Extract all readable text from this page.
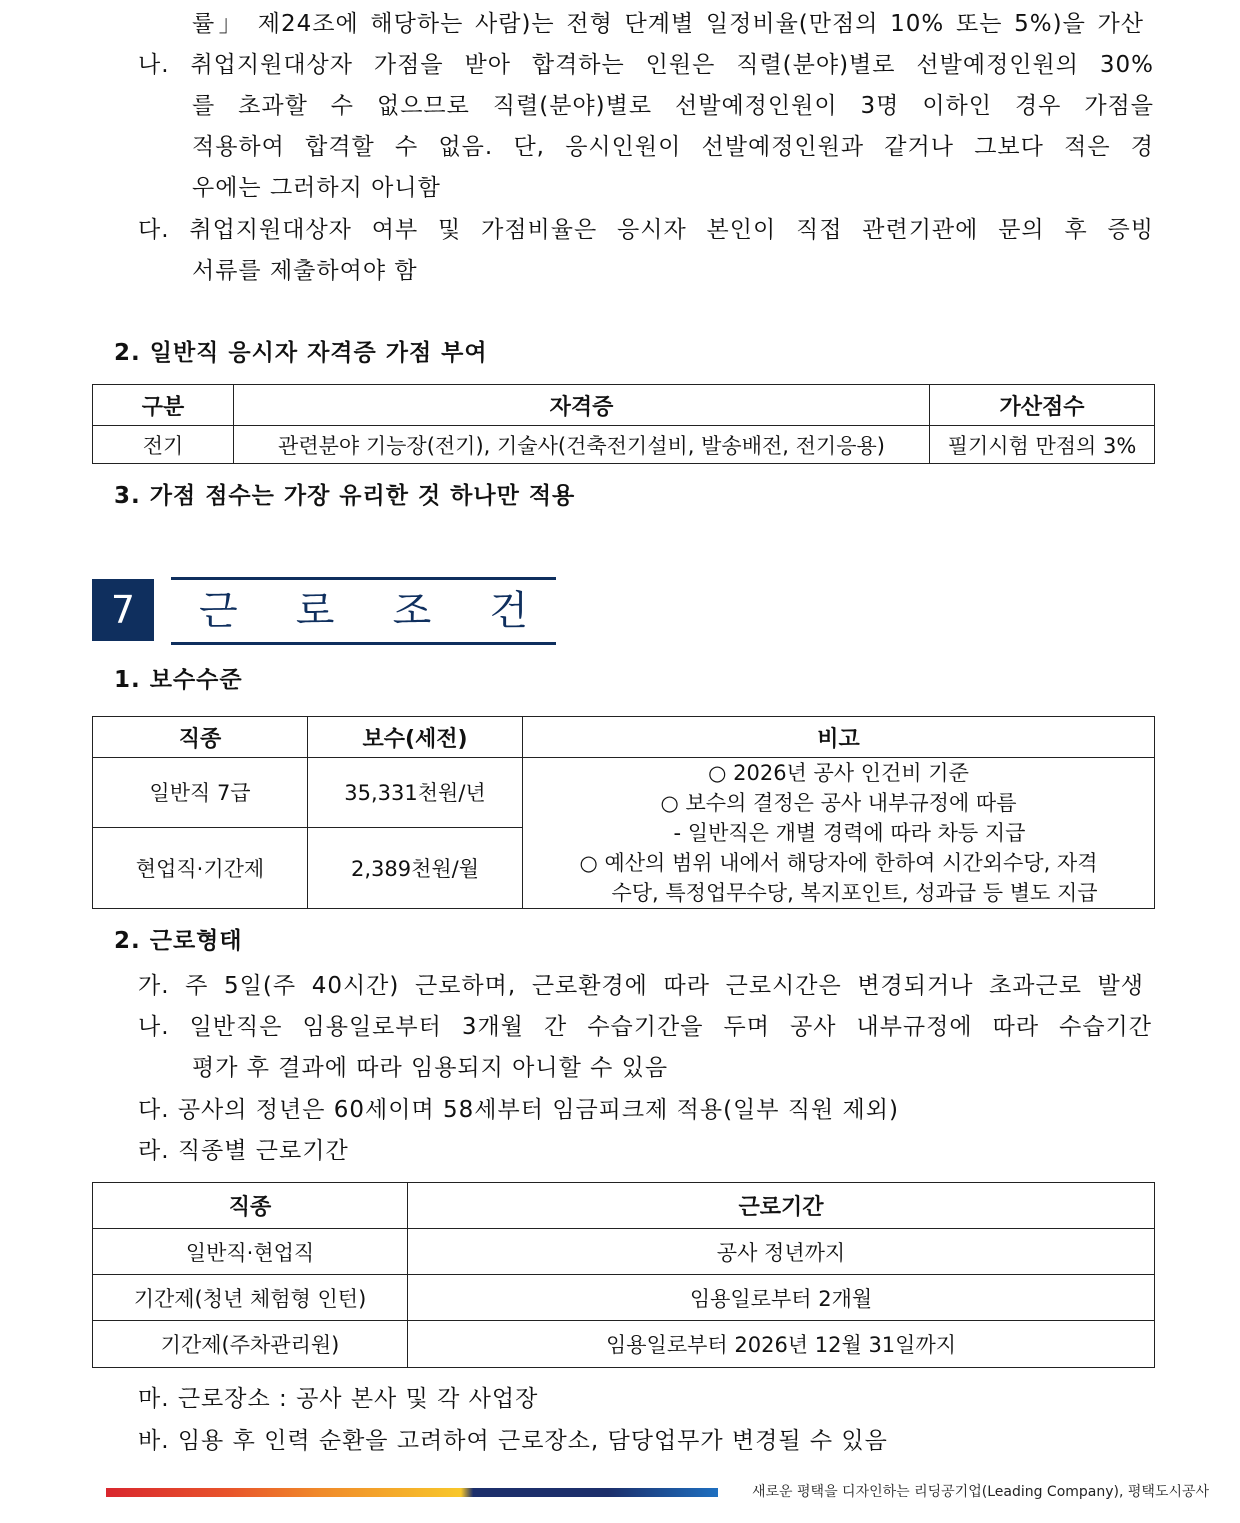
률」 제24조에 해당하는 사람)는 전형 단계별 일정비율(만점의 10% 또는 5%)을 가산
나. 취업지원대상자 가점을 받아 합격하는 인원은 직렬(분야)별로 선발예정인원의 30%
를 초과할 수 없으므로 직렬(분야)별로 선발예정인원이 3명 이하인 경우 가점을
적용하여 합격할 수 없음. 단, 응시인원이 선발예정인원과 같거나 그보다 적은 경
우에는 그러하지 아니함
다. 취업지원대상자 여부 및 가점비율은 응시자 본인이 직접 관련기관에 문의 후 증빙
서류를 제출하여야 함
2. 일반직 응시자 자격증 가점 부여
구분	자격증	가산점수
전기	관련분야 기능장(전기), 기술사(건축전기설비, 발송배전, 전기응용)	필기시험 만점의 3%
3. 가점 점수는 가장 유리한 것 하나만 적용
7	근 로 조 건
1. 보수수준
직종	보수(세전)	비고
일반직 7급	35,331천원/년	○ 2026년 공사 인건비 기준
○ 보수의 결정은 공사 내부규정에 따름
- 일반직은 개별 경력에 따라 차등 지급
○ 예산의 범위 내에서 해당자에 한하여 시간외수당, 자격
수당, 특정업무수당, 복지포인트, 성과급 등 별도 지급

현업직·기간제	2,389천원/월	
2. 근로형태
가. 주 5일(주 40시간) 근로하며, 근로환경에 따라 근로시간은 변경되거나 초과근로 발생
나. 일반직은 임용일로부터 3개월 간 수습기간을 두며 공사 내부규정에 따라 수습기간
평가 후 결과에 따라 임용되지 아니할 수 있음
다. 공사의 정년은 60세이며 58세부터 임금피크제 적용(일부 직원 제외)
라. 직종별 근로기간
직종	근로기간
일반직·현업직	공사 정년까지
기간제(청년 체험형 인턴)	임용일로부터 2개월
기간제(주차관리원)	임용일로부터 2026년 12월 31일까지
마. 근로장소 : 공사 본사 및 각 사업장
바. 임용 후 인력 순환을 고려하여 근로장소, 담당업무가 변경될 수 있음
새로운 평택을 디자인하는 리딩공기업(Leading Company), 평택도시공사
